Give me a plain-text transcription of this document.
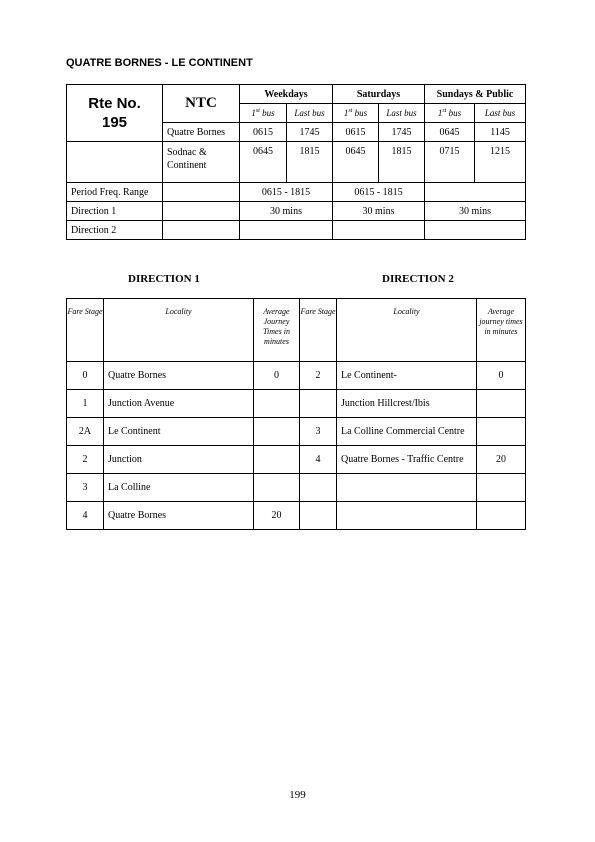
QUATRE BORNES - LE CONTINENT
Rte No.
195	NTC	Weekdays		Saturdays		Sundays & Public	
		1st bus	Last bus	1st bus	Last bus	1st bus	Last bus
	Quatre Bornes	0615	1745	0615	1745	0645	1145
	Sodnac & Continent	0645	1815	0645	1815	0715	1215
Period Freq. Range		0615 - 1815		0615 - 1815			
Direction 1		30 mins		30 mins		30 mins	
Direction 2							
DIRECTION 1	DIRECTION 2
Fare Stage	Locality	Average Journey Times in minutes	Fare Stage	Locality	Average journey times in minutes
0	Quatre Bornes	0	2	Le Continent-	0
1	Junction Avenue			Junction Hillcrest/Ibis	
2A	Le Continent		3	La Colline Commercial Centre	
2	Junction		4	Quatre Bornes - Traffic Centre	20
3	La Colline				
4	Quatre Bornes	20			
199
